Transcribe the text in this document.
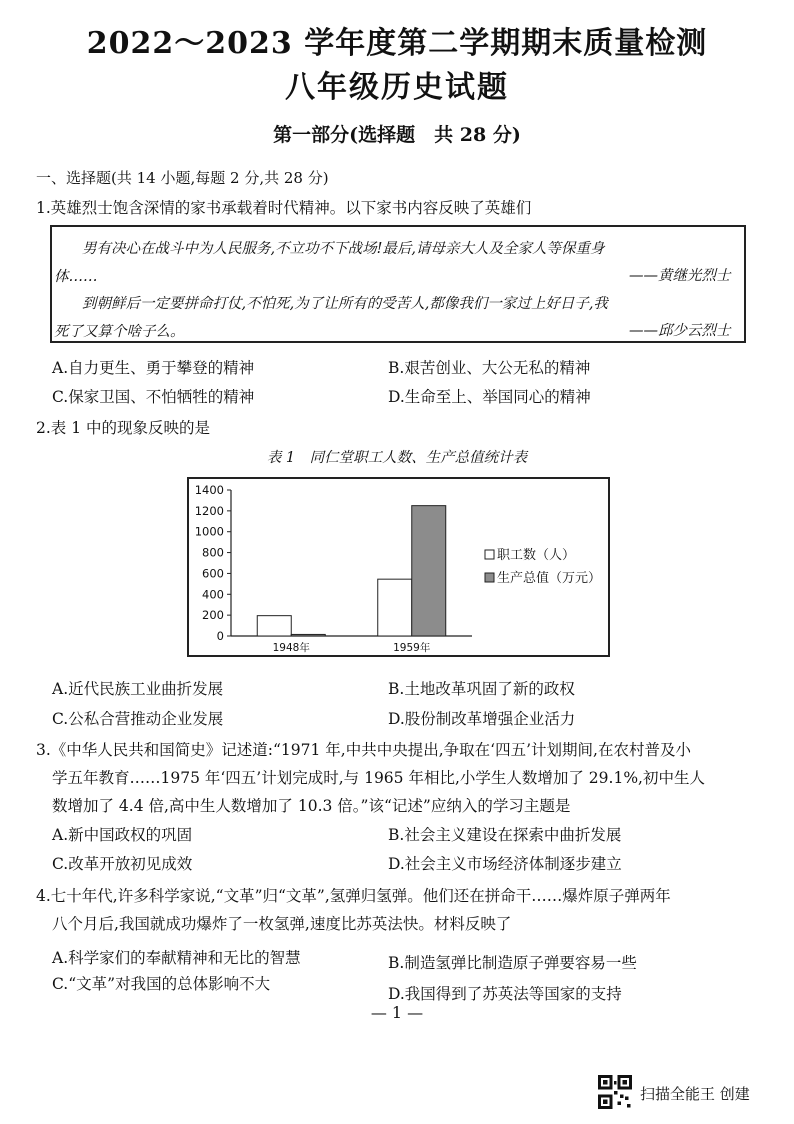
2022～2023 学年度第二学期期末质量检测
八年级历史试题
第一部分(选择题　共 28 分)
一、选择题(共 14 小题,每题 2 分,共 28 分)
1.英雄烈士饱含深情的家书承载着时代精神。以下家书内容反映了英雄们
男有决心在战斗中为人民服务,不立功不下战场!最后,请母亲大人及全家人等保重身
体……	——黄继光烈士
到朝鲜后一定要拼命打仗,不怕死,为了让所有的受苦人,都像我们一家过上好日子,我
死了又算个啥子么。	——邱少云烈士
A.自力更生、勇于攀登的精神	B.艰苦创业、大公无私的精神
C.保家卫国、不怕牺牲的精神	D.生命至上、举国同心的精神
2.表 1 中的现象反映的是
表 1　同仁堂职工人数、生产总值统计表
0
200
400
600
800
1000
1200
1400
1948年	1959年
职工数（人）
生产总值（万元）
A.近代民族工业曲折发展	B.土地改革巩固了新的政权
C.公私合营推动企业发展	D.股份制改革增强企业活力
3.《中华人民共和国简史》记述道:“1971 年,中共中央提出,争取在‘四五’计划期间,在农村普及小
学五年教育……1975 年‘四五’计划完成时,与 1965 年相比,小学生人数增加了 29.1%,初中生人
数增加了 4.4 倍,高中生人数增加了 10.3 倍。”该“记述”应纳入的学习主题是
A.新中国政权的巩固	B.社会主义建设在探索中曲折发展
C.改革开放初见成效	D.社会主义市场经济体制逐步建立
4.七十年代,许多科学家说,“文革”归“文革”,氢弹归氢弹。他们还在拼命干……爆炸原子弹两年
八个月后,我国就成功爆炸了一枚氢弹,速度比苏英法快。材料反映了
A.科学家们的奉献精神和无比的智慧	B.制造氢弹比制造原子弹要容易一些
C.“文革”对我国的总体影响不大
D.我国得到了苏英法等国家的支持
— 1 —
扫描全能王 创建
